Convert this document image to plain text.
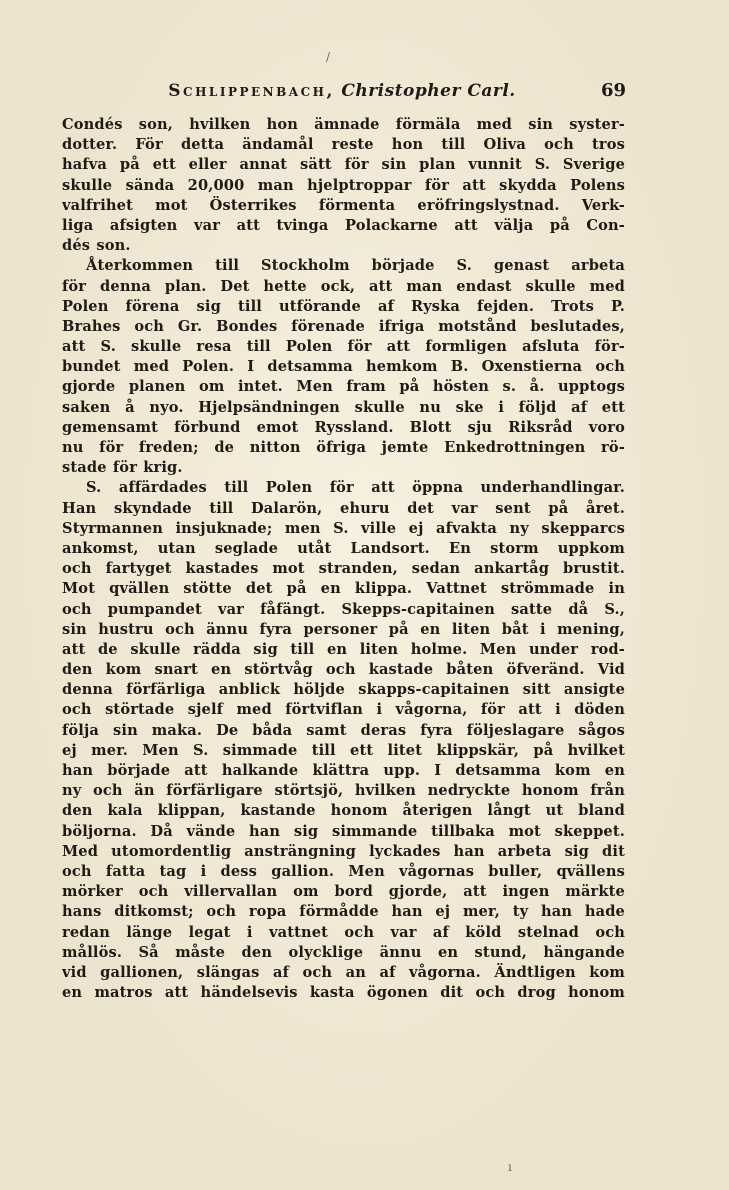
Schlippenbach, Christopher Carl.	69
Condés son, hvilken hon ämnade förmäla med sin syster-
dotter. För detta ändamål reste hon till Oliva och tros
hafva på ett eller annat sätt för sin plan vunnit S. Sverige
skulle sända 20,000 man hjelptroppar för att skydda Polens
valfrihet mot Österrikes förmenta eröfringslystnad. Verk-
liga afsigten var att tvinga Polackarne att välja på Con-
dés son.
Återkommen till Stockholm började S. genast arbeta
för denna plan. Det hette ock, att man endast skulle med
Polen förena sig till utförande af Ryska fejden. Trots P.
Brahes och Gr. Bondes förenade ifriga motstånd beslutades,
att S. skulle resa till Polen för att formligen afsluta för-
bundet med Polen. I detsamma hemkom B. Oxenstierna och
gjorde planen om intet. Men fram på hösten s. å. upptogs
saken å nyo. Hjelpsändningen skulle nu ske i följd af ett
gemensamt förbund emot Ryssland. Blott sju Riksråd voro
nu för freden; de nitton öfriga jemte Enkedrottningen rö-
stade för krig.
S. affärdades till Polen för att öppna underhandlingar.
Han skyndade till Dalarön, ehuru det var sent på året.
Styrmannen insjuknade; men S. ville ej afvakta ny skepparcs
ankomst, utan seglade utåt Landsort. En storm uppkom
och fartyget kastades mot stranden, sedan ankartåg brustit.
Mot qvällen stötte det på en klippa. Vattnet strömmade in
och pumpandet var fåfängt. Skepps-capitainen satte då S.,
sin hustru och ännu fyra personer på en liten båt i mening,
att de skulle rädda sig till en liten holme. Men under rod-
den kom snart en störtvåg och kastade båten öfveränd. Vid
denna förfärliga anblick höljde skapps-capitainen sitt ansigte
och störtade sjelf med förtviflan i vågorna, för att i döden
följa sin maka. De båda samt deras fyra följeslagare sågos
ej mer. Men S. simmade till ett litet klippskär, på hvilket
han började att halkande klättra upp. I detsamma kom en
ny och än förfärligare störtsjö, hvilken nedryckte honom från
den kala klippan, kastande honom återigen långt ut bland
böljorna. Då vände han sig simmande tillbaka mot skeppet.
Med utomordentlig ansträngning lyckades han arbeta sig dit
och fatta tag i dess gallion. Men vågornas buller, qvällens
mörker och villervallan om bord gjorde, att ingen märkte
hans ditkomst; och ropa förmådde han ej mer, ty han hade
redan länge legat i vattnet och var af köld stelnad och
mållös. Så måste den olycklige ännu en stund, hängande
vid gallionen, slängas af och an af vågorna. Ändtligen kom
en matros att händelsevis kasta ögonen dit och drog honom
/
ı
